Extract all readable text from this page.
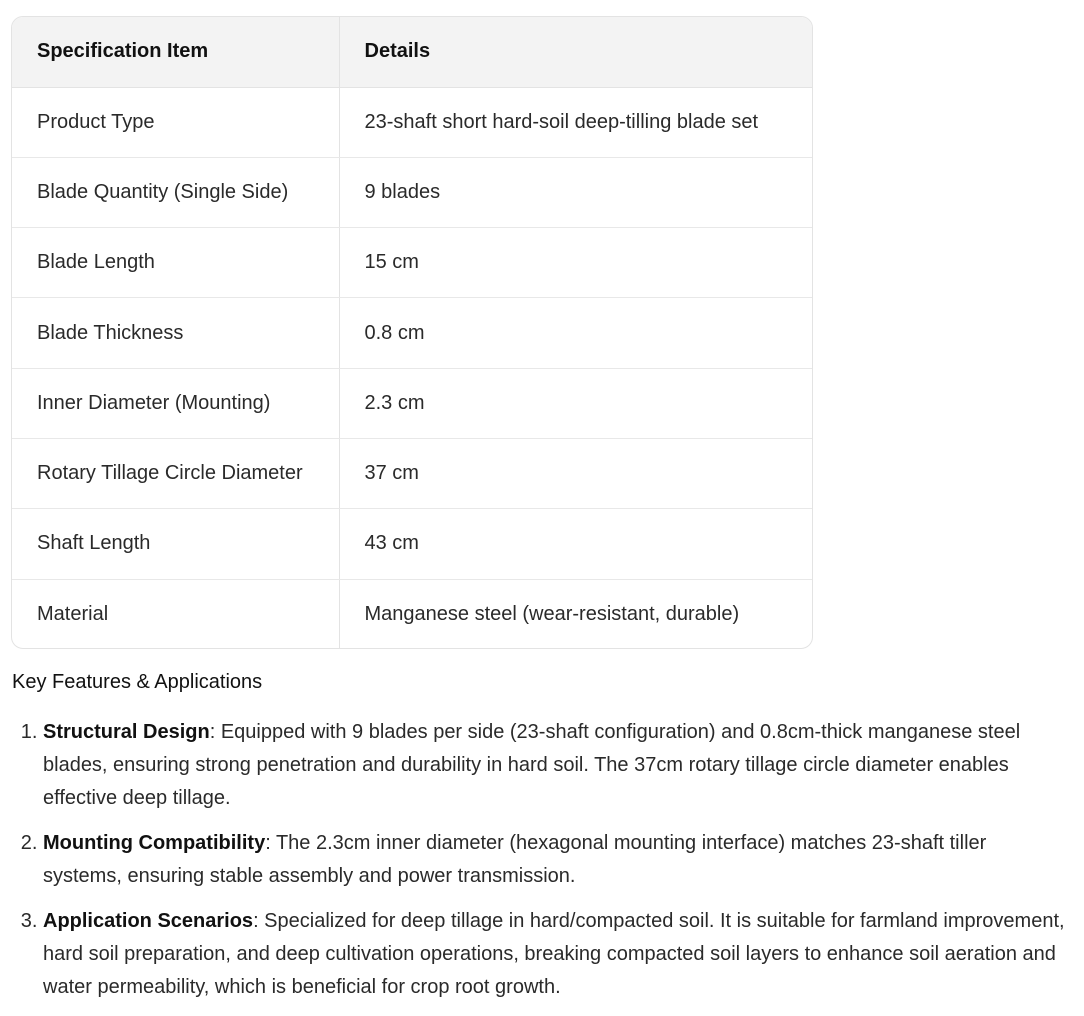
Specification Item	Details
Product Type	23-shaft short hard-soil deep-tilling blade set
Blade Quantity (Single Side)	9 blades
Blade Length	15 cm
Blade Thickness	0.8 cm
Inner Diameter (Mounting)	2.3 cm
Rotary Tillage Circle Diameter	37 cm
Shaft Length	43 cm
Material	Manganese steel (wear-resistant, durable)
Key Features & Applications
1. Structural Design: Equipped with 9 blades per side (23-shaft configuration) and 0.8cm-thick manganese steel blades, ensuring strong penetration and durability in hard soil. The 37cm rotary tillage circle diameter enables effective deep tillage.
2. Mounting Compatibility: The 2.3cm inner diameter (hexagonal mounting interface) matches 23-shaft tiller systems, ensuring stable assembly and power transmission.
3. Application Scenarios: Specialized for deep tillage in hard/compacted soil. It is suitable for farmland improvement, hard soil preparation, and deep cultivation operations, breaking compacted soil layers to enhance soil aeration and water permeability, which is beneficial for crop root growth.
